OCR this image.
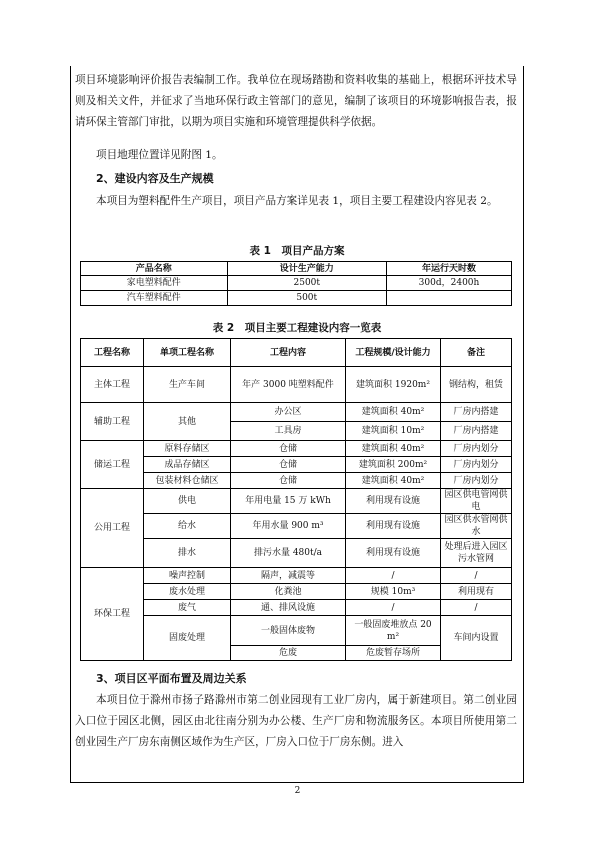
项目环境影响评价报告表编制工作。我单位在现场踏勘和资料收集的基础上，根据环评技术导则及相关文件，并征求了当地环保行政主管部门的意见，编制了该项目的环境影响报告表，报请环保主管部门审批，以期为项目实施和环境管理提供科学依据。
项目地理位置详见附图 1。
2、建设内容及生产规模
本项目为塑料配件生产项目，项目产品方案详见表 1，项目主要工程建设内容见表 2。
表 1　项目产品方案
产品名称	设计生产能力	年运行天时数
家电塑料配件	2500t	300d，2400h
汽车塑料配件	500t	
表 2　项目主要工程建设内容一览表
工程名称	单项工程名称	工程内容	工程规模/设计能力	备注
主体工程	生产车间	年产 3000 吨塑料配件	建筑面积 1920m²	钢结构，租赁
辅助工程	其他	办公区	建筑面积 40m²	厂房内搭建
		工具房	建筑面积 10m²	厂房内搭建
储运工程	原料存储区	仓储	建筑面积 40m²	厂房内划分
	成品存储区	仓储	建筑面积 200m²	厂房内划分
	包装材料仓储区	仓储	建筑面积 40m²	厂房内划分
公用工程	供电	年用电量 15 万 kWh	利用现有设施	园区供电管网供电
	给水	年用水量 900 m³	利用现有设施	园区供水管网供水
	排水	排污水量 480t/a	利用现有设施	处理后进入园区污水管网
环保工程	噪声控制	隔声，减震等	/	/
	废水处理	化粪池	规模 10m³	利用现有
	废气	通、排风设施	/	/
	固废处理	一般固体废物	一般固废堆放点 20 m²	车间内设置
		危废	危废暂存场所	
3、项目区平面布置及周边关系
本项目位于滁州市扬子路滁州市第二创业园现有工业厂房内，属于新建项目。第二创业园入口位于园区北侧，园区由北往南分别为办公楼、生产厂房和物流服务区。本项目所使用第二创业园生产厂房东南侧区域作为生产区，厂房入口位于厂房东侧。进入
2
